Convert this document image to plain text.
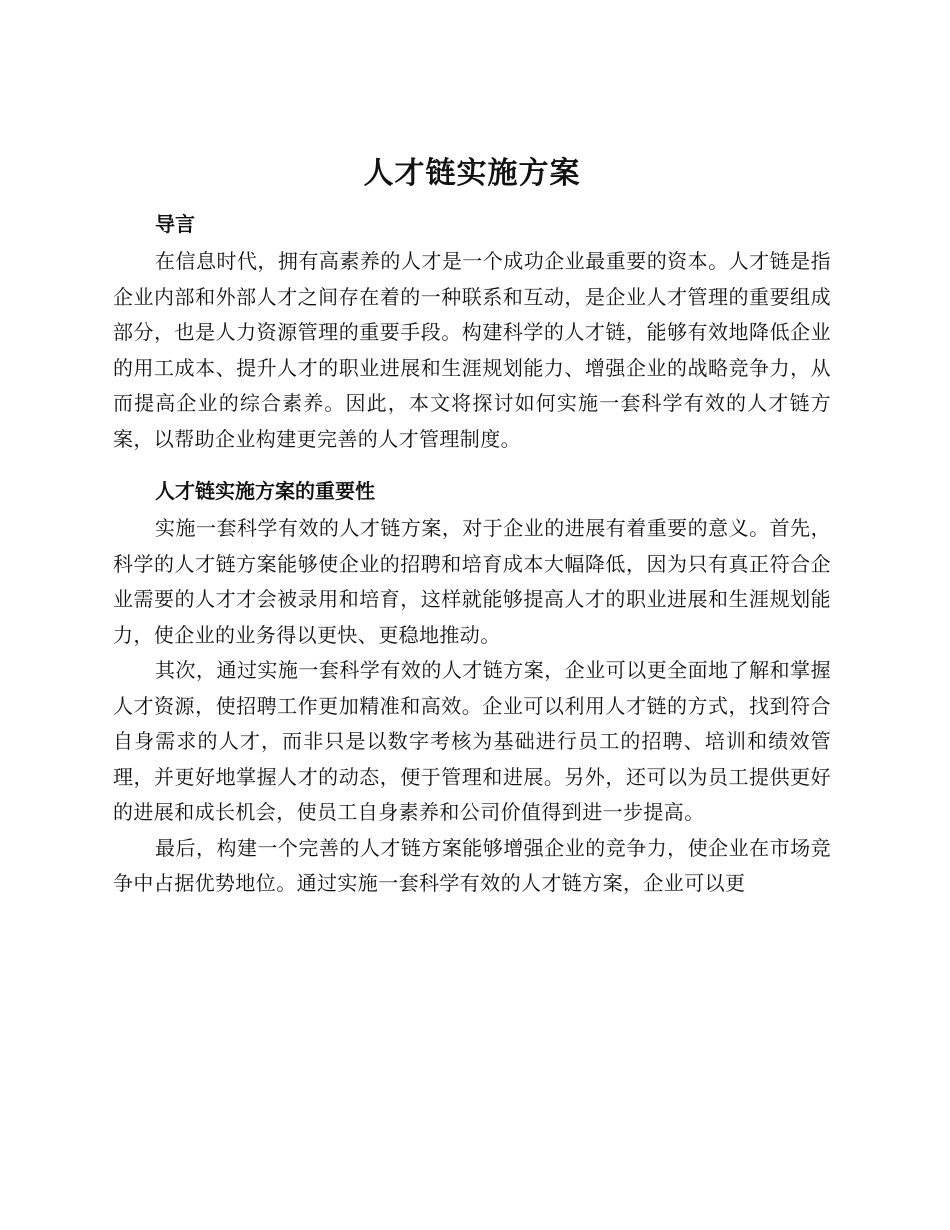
人才链实施方案
导言

在信息时代，拥有高素养的人才是一个成功企业最重要的资本。人才链是指企业内部和外部人才之间存在着的一种联系和互动，是企业人才管理的重要组成部分，也是人力资源管理的重要手段。构建科学的人才链，能够有效地降低企业的用工成本、提升人才的职业进展和生涯规划能力、增强企业的战略竞争力，从而提高企业的综合素养。因此，本文将探讨如何实施一套科学有效的人才链方案，以帮助企业构建更完善的人才管理制度。

人才链实施方案的重要性

实施一套科学有效的人才链方案，对于企业的进展有着重要的意义。首先，科学的人才链方案能够使企业的招聘和培育成本大幅降低，因为只有真正符合企业需要的人才才会被录用和培育，这样就能够提高人才的职业进展和生涯规划能力，使企业的业务得以更快、更稳地推动。

其次，通过实施一套科学有效的人才链方案，企业可以更全面地了解和掌握人才资源，使招聘工作更加精准和高效。企业可以利用人才链的方式，找到符合自身需求的人才，而非只是以数字考核为基础进行员工的招聘、培训和绩效管理，并更好地掌握人才的动态，便于管理和进展。另外，还可以为员工提供更好的进展和成长机会，使员工自身素养和公司价值得到进一步提高。

最后，构建一个完善的人才链方案能够增强企业的竞争力，使企业在市场竞争中占据优势地位。通过实施一套科学有效的人才链方案，企业可以更
